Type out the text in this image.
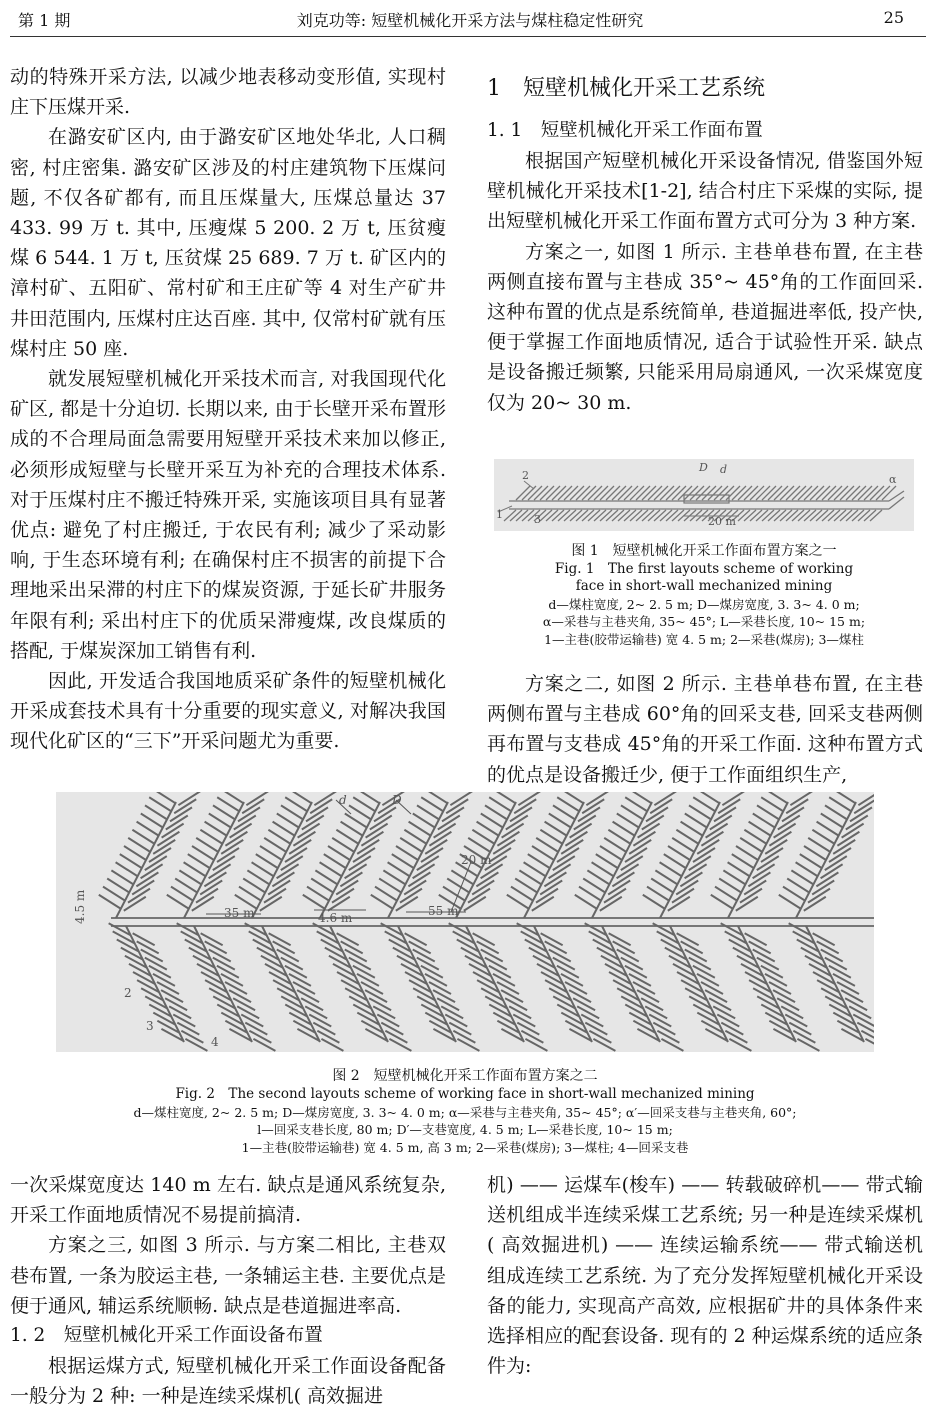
第 1 期	刘克功等: 短壁机械化开采方法与煤柱稳定性研究	25

动的特殊开采方法, 以减少地表移动变形值, 实现村庄下压煤开采.

在潞安矿区内, 由于潞安矿区地处华北, 人口稠密, 村庄密集. 潞安矿区涉及的村庄建筑物下压煤问题, 不仅各矿都有, 而且压煤量大, 压煤总量达 37 433. 99 万 t. 其中, 压瘦煤 5 200. 2 万 t, 压贫瘦煤 6 544. 1 万 t, 压贫煤 25 689. 7 万 t. 矿区内的漳村矿、五阳矿、常村矿和王庄矿等 4 对生产矿井井田范围内, 压煤村庄达百座. 其中, 仅常村矿就有压煤村庄 50 座.

就发展短壁机械化开采技术而言, 对我国现代化矿区, 都是十分迫切. 长期以来, 由于长壁开采布置形成的不合理局面急需要用短壁开采技术来加以修正, 必须形成短壁与长壁开采互为补充的合理技术体系. 对于压煤村庄不搬迁特殊开采, 实施该项目具有显著优点: 避免了村庄搬迁, 于农民有利; 减少了采动影响, 于生态环境有利; 在确保村庄不损害的前提下合理地采出呆滞的村庄下的煤炭资源, 于延长矿井服务年限有利; 采出村庄下的优质呆滞瘦煤, 改良煤质的搭配, 于煤炭深加工销售有利.

因此, 开发适合我国地质采矿条件的短壁机械化开采成套技术具有十分重要的现实意义, 对解决我国现代化矿区的“三下”开采问题尤为重要.

1　短壁机械化开采工艺系统

1. 1　短壁机械化开采工作面布置

根据国产短壁机械化开采设备情况, 借鉴国外短壁机械化开采技术[1-2], 结合村庄下采煤的实际, 提出短壁机械化开采工作面布置方式可分为 3 种方案.

方案之一, 如图 1 所示. 主巷单巷布置, 在主巷两侧直接布置与主巷成 35°~ 45°角的工作面回采. 这种布置的优点是系统简单, 巷道掘进率低, 投产快, 便于掌握工作面地质情况, 适合于试验性开采. 缺点是设备搬迁频繁, 只能采用局扇通风, 一次采煤宽度仅为 20~ 30 m.

1
2
3	20 m
D d
α
图 1　短壁机械化开采工作面布置方案之一
Fig. 1　The first layouts scheme of working
face in short-wall mechanized mining
d—煤柱宽度, 2~ 2. 5 m; D—煤房宽度, 3. 3~ 4. 0 m;
α—采巷与主巷夹角, 35~ 45°; L—采巷长度, 10~ 15 m;
1—主巷(胶带运输巷) 宽 4. 5 m; 2—采巷(煤房); 3—煤柱

方案之二, 如图 2 所示. 主巷单巷布置, 在主巷两侧布置与主巷成 60°角的回采支巷, 回采支巷两侧再布置与支巷成 45°角的开采工作面. 这种布置方式的优点是设备搬迁少, 便于工作面组织生产,

d	D
35 m	4.6 m	55 m
20 m
4.5 m
2
3
4
图 2　短壁机械化开采工作面布置方案之二
Fig. 2　The second layouts scheme of working face in short-wall mechanized mining
d—煤柱宽度, 2~ 2. 5 m; D—煤房宽度, 3. 3~ 4. 0 m; α—采巷与主巷夹角, 35~ 45°; α′—回采支巷与主巷夹角, 60°;
l—回采支巷长度, 80 m; D′—支巷宽度, 4. 5 m; L—采巷长度, 10~ 15 m;
1—主巷(胶带运输巷) 宽 4. 5 m, 高 3 m; 2—采巷(煤房); 3—煤柱; 4—回采支巷

一次采煤宽度达 140 m 左右. 缺点是通风系统复杂, 开采工作面地质情况不易提前搞清.

方案之三, 如图 3 所示. 与方案二相比, 主巷双巷布置, 一条为胶运主巷, 一条辅运主巷. 主要优点是便于通风, 辅运系统顺畅. 缺点是巷道掘进率高.

1. 2　短壁机械化开采工作面设备布置

根据运煤方式, 短壁机械化开采工作面设备配备一般分为 2 种: 一种是连续采煤机( 高效掘进

机) —— 运煤车(梭车) —— 转载破碎机—— 带式输送机组成半连续采煤工艺系统; 另一种是连续采煤机( 高效掘进机) —— 连续运输系统—— 带式输送机组成连续工艺系统. 为了充分发挥短壁机械化开采设备的能力, 实现高产高效, 应根据矿井的具体条件来选择相应的配套设备. 现有的 2 种运煤系统的适应条件为:
